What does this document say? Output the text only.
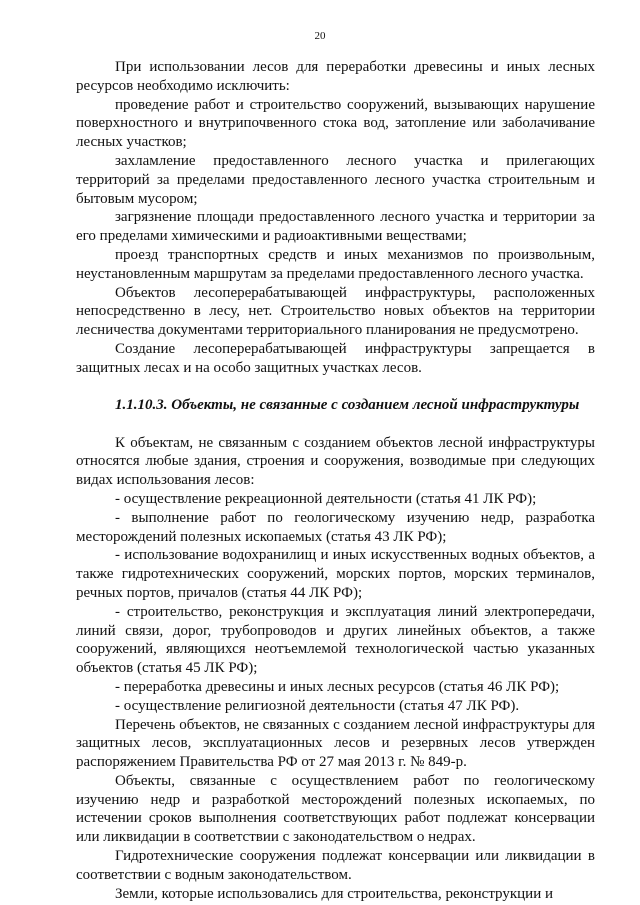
20

При использовании лесов для переработки древесины и иных лесных ресурсов необходимо исключить:

проведение работ и строительство сооружений, вызывающих нарушение поверхностного и внутрипочвенного стока вод, затопление или заболачивание лесных участков;

захламление предоставленного лесного участка и прилегающих территорий за пределами предоставленного лесного участка строительным и бытовым мусором;

загрязнение площади предоставленного лесного участка и территории за его пределами химическими и радиоактивными веществами;

проезд транспортных средств и иных механизмов по произвольным, неустановленным маршрутам за пределами предоставленного лесного участка.

Объектов лесоперерабатывающей инфраструктуры, расположенных непосредственно в лесу, нет. Строительство новых объектов на территории лесничества документами территориального планирования не предусмотрено.

Создание лесоперерабатывающей инфраструктуры запрещается в защитных лесах и на особо защитных участках лесов.

1.1.10.3. Объекты, не связанные с созданием лесной инфраструктуры

К объектам, не связанным с созданием объектов лесной инфраструктуры относятся любые здания, строения и сооружения, возводимые при следующих видах использования лесов:

- осуществление рекреационной деятельности (статья 41 ЛК РФ);

- выполнение работ по геологическому изучению недр, разработка месторождений полезных ископаемых (статья 43 ЛК РФ);

- использование водохранилищ и иных искусственных водных объектов, а также гидротехнических сооружений, морских портов, морских терминалов, речных портов, причалов (статья 44 ЛК РФ);

- строительство, реконструкция и эксплуатация линий электропередачи, линий связи, дорог, трубопроводов и других линейных объектов, а также сооружений, являющихся неотъемлемой технологической частью указанных объектов (статья 45 ЛК РФ);

- переработка древесины и иных лесных ресурсов (статья 46 ЛК РФ);

- осуществление религиозной деятельности (статья 47 ЛК РФ).

Перечень объектов, не связанных с созданием лесной инфраструктуры для защитных лесов, эксплуатационных лесов и резервных лесов утвержден распоряжением Правительства РФ от 27 мая 2013 г. № 849-р.

Объекты, связанные с осуществлением работ по геологическому изучению недр и разработкой месторождений полезных ископаемых, по истечении сроков выполнения соответствующих работ подлежат консервации или ликвидации в соответствии с законодательством о недрах.

Гидротехнические сооружения подлежат консервации или ликвидации в соответствии с водным законодательством.

Земли, которые использовались для строительства, реконструкции и
